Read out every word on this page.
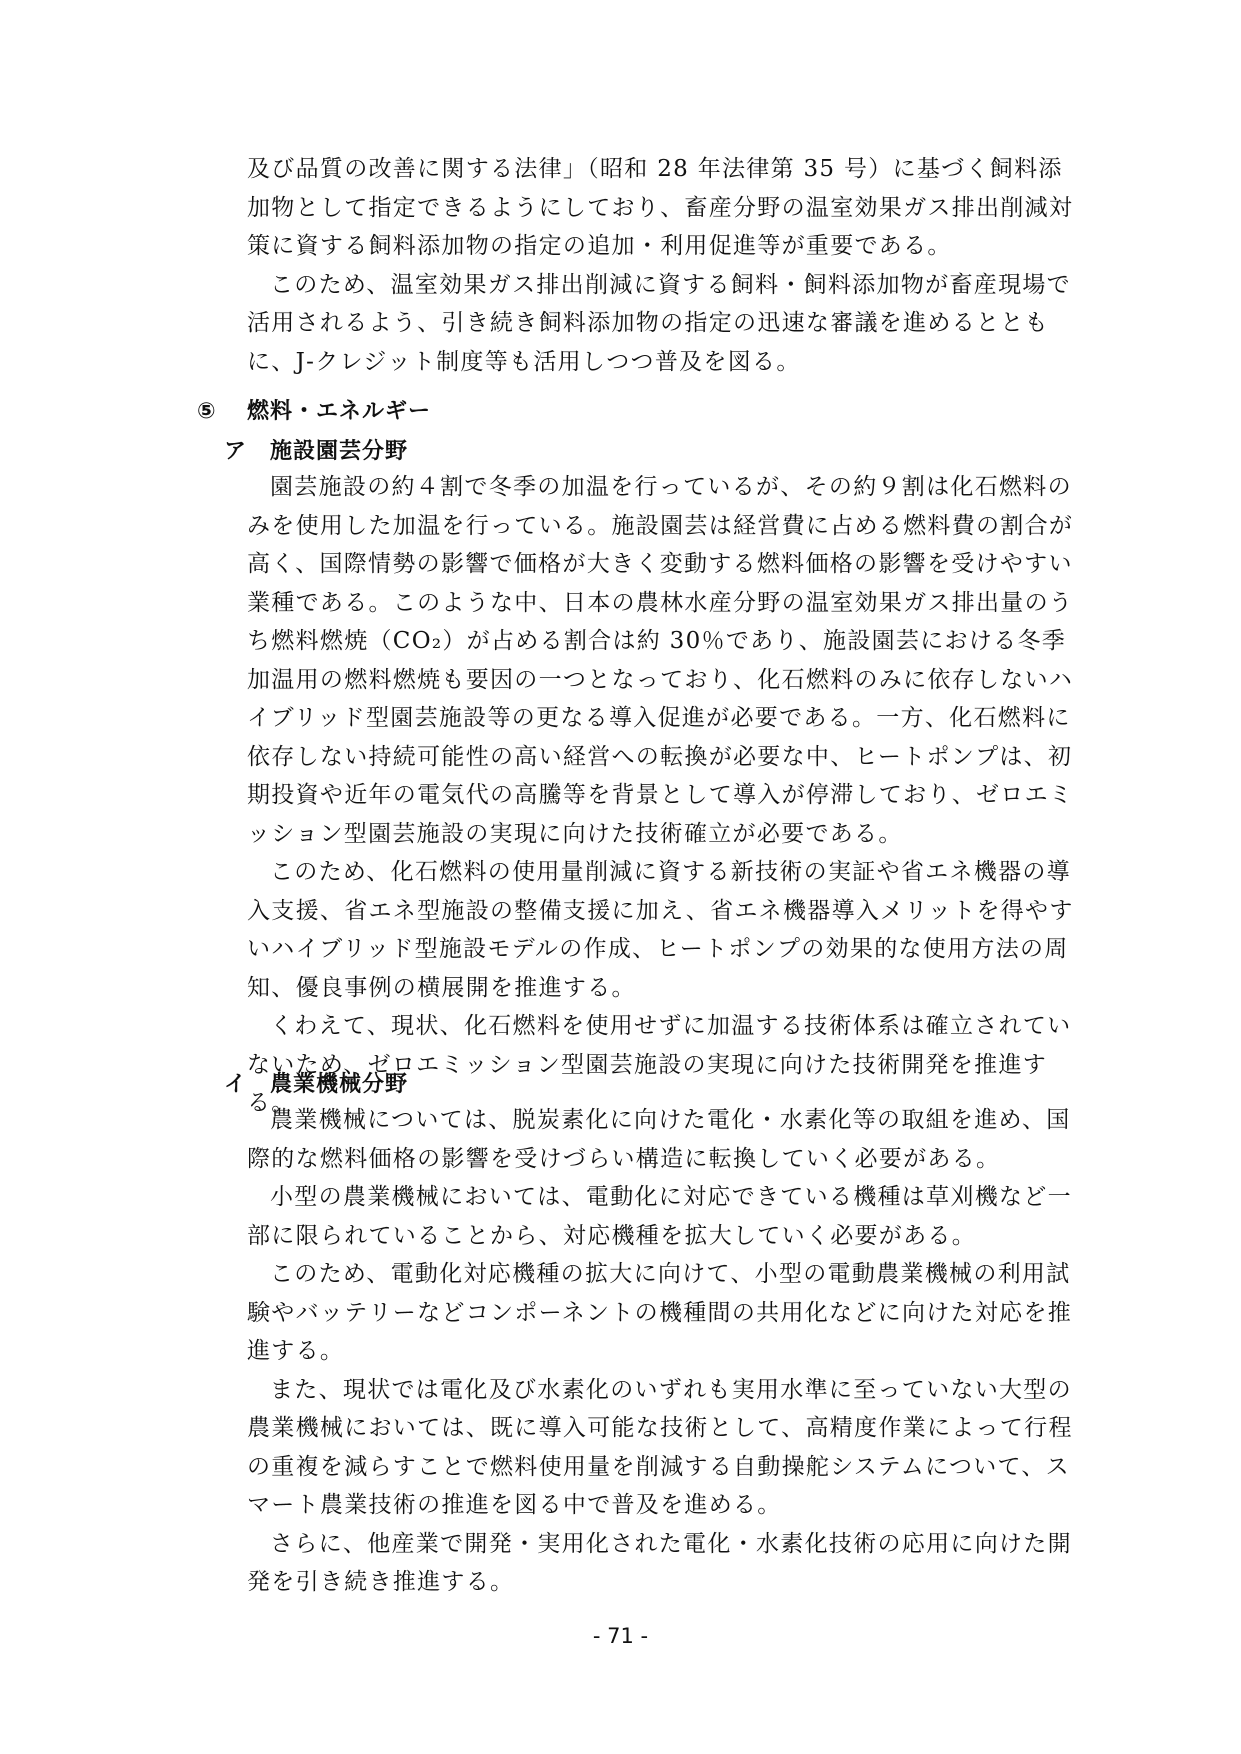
及び品質の改善に関する法律」（昭和 28 年法律第 35 号）に基づく飼料添加物として指定できるようにしており、畜産分野の温室効果ガス排出削減対策に資する飼料添加物の指定の追加・利用促進等が重要である。

このため、温室効果ガス排出削減に資する飼料・飼料添加物が畜産現場で活用されるよう、引き続き飼料添加物の指定の迅速な審議を進めるとともに、J-クレジット制度等も活用しつつ普及を図る。

⑤ 燃料・エネルギー
ア 施設園芸分野

園芸施設の約４割で冬季の加温を行っているが、その約９割は化石燃料のみを使用した加温を行っている。施設園芸は経営費に占める燃料費の割合が高く、国際情勢の影響で価格が大きく変動する燃料価格の影響を受けやすい業種である。このような中、日本の農林水産分野の温室効果ガス排出量のうち燃料燃焼（CO₂）が占める割合は約 30％であり、施設園芸における冬季加温用の燃料燃焼も要因の一つとなっており、化石燃料のみに依存しないハイブリッド型園芸施設等の更なる導入促進が必要である。一方、化石燃料に依存しない持続可能性の高い経営への転換が必要な中、ヒートポンプは、初期投資や近年の電気代の高騰等を背景として導入が停滞しており、ゼロエミッション型園芸施設の実現に向けた技術確立が必要である。

このため、化石燃料の使用量削減に資する新技術の実証や省エネ機器の導入支援、省エネ型施設の整備支援に加え、省エネ機器導入メリットを得やすいハイブリッド型施設モデルの作成、ヒートポンプの効果的な使用方法の周知、優良事例の横展開を推進する。

くわえて、現状、化石燃料を使用せずに加温する技術体系は確立されていないため、ゼロエミッション型園芸施設の実現に向けた技術開発を推進する。

イ 農業機械分野

農業機械については、脱炭素化に向けた電化・水素化等の取組を進め、国際的な燃料価格の影響を受けづらい構造に転換していく必要がある。

小型の農業機械においては、電動化に対応できている機種は草刈機など一部に限られていることから、対応機種を拡大していく必要がある。

このため、電動化対応機種の拡大に向けて、小型の電動農業機械の利用試験やバッテリーなどコンポーネントの機種間の共用化などに向けた対応を推進する。

また、現状では電化及び水素化のいずれも実用水準に至っていない大型の農業機械においては、既に導入可能な技術として、高精度作業によって行程の重複を減らすことで燃料使用量を削減する自動操舵システムについて、スマート農業技術の推進を図る中で普及を進める。

さらに、他産業で開発・実用化された電化・水素化技術の応用に向けた開発を引き続き推進する。

- 71 -
